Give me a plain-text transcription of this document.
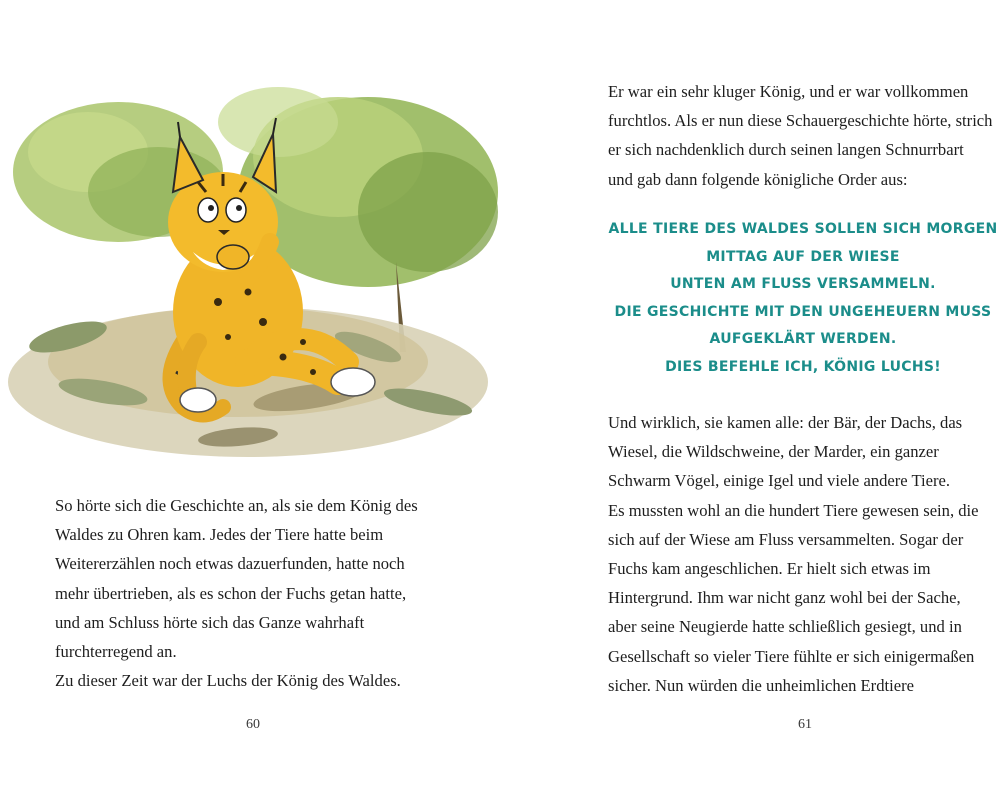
So hörte sich die Geschichte an, als sie dem König des
Waldes zu Ohren kam. Jedes der Tiere hatte beim
Weitererzählen noch etwas dazuerfunden, hatte noch
mehr übertrieben, als es schon der Fuchs getan hatte,
und am Schluss hörte sich das Ganze wahrhaft
furchterregend an.
Zu dieser Zeit war der Luchs der König des Waldes.
60
Er war ein sehr kluger König, und er war vollkommen
furchtlos. Als er nun diese Schauergeschichte hörte, strich
er sich nachdenklich durch seinen langen Schnurrbart
und gab dann folgende königliche Order aus:
ALLE TIERE DES WALDES SOLLEN SICH MORGEN
MITTAG AUF DER WIESE
UNTEN AM FLUSS VERSAMMELN.
DIE GESCHICHTE MIT DEN UNGEHEUERN MUSS
AUFGEKLÄRT WERDEN.
DIES BEFEHLE ICH, KÖNIG LUCHS!
Und wirklich, sie kamen alle: der Bär, der Dachs, das
Wiesel, die Wildschweine, der Marder, ein ganzer
Schwarm Vögel, einige Igel und viele andere Tiere.
Es mussten wohl an die hundert Tiere gewesen sein, die
sich auf der Wiese am Fluss versammelten. Sogar der
Fuchs kam angeschlichen. Er hielt sich etwas im
Hintergrund. Ihm war nicht ganz wohl bei der Sache,
aber seine Neugierde hatte schließlich gesiegt, und in
Gesellschaft so vieler Tiere fühlte er sich einigermaßen
sicher. Nun würden die unheimlichen Erdtiere
61
